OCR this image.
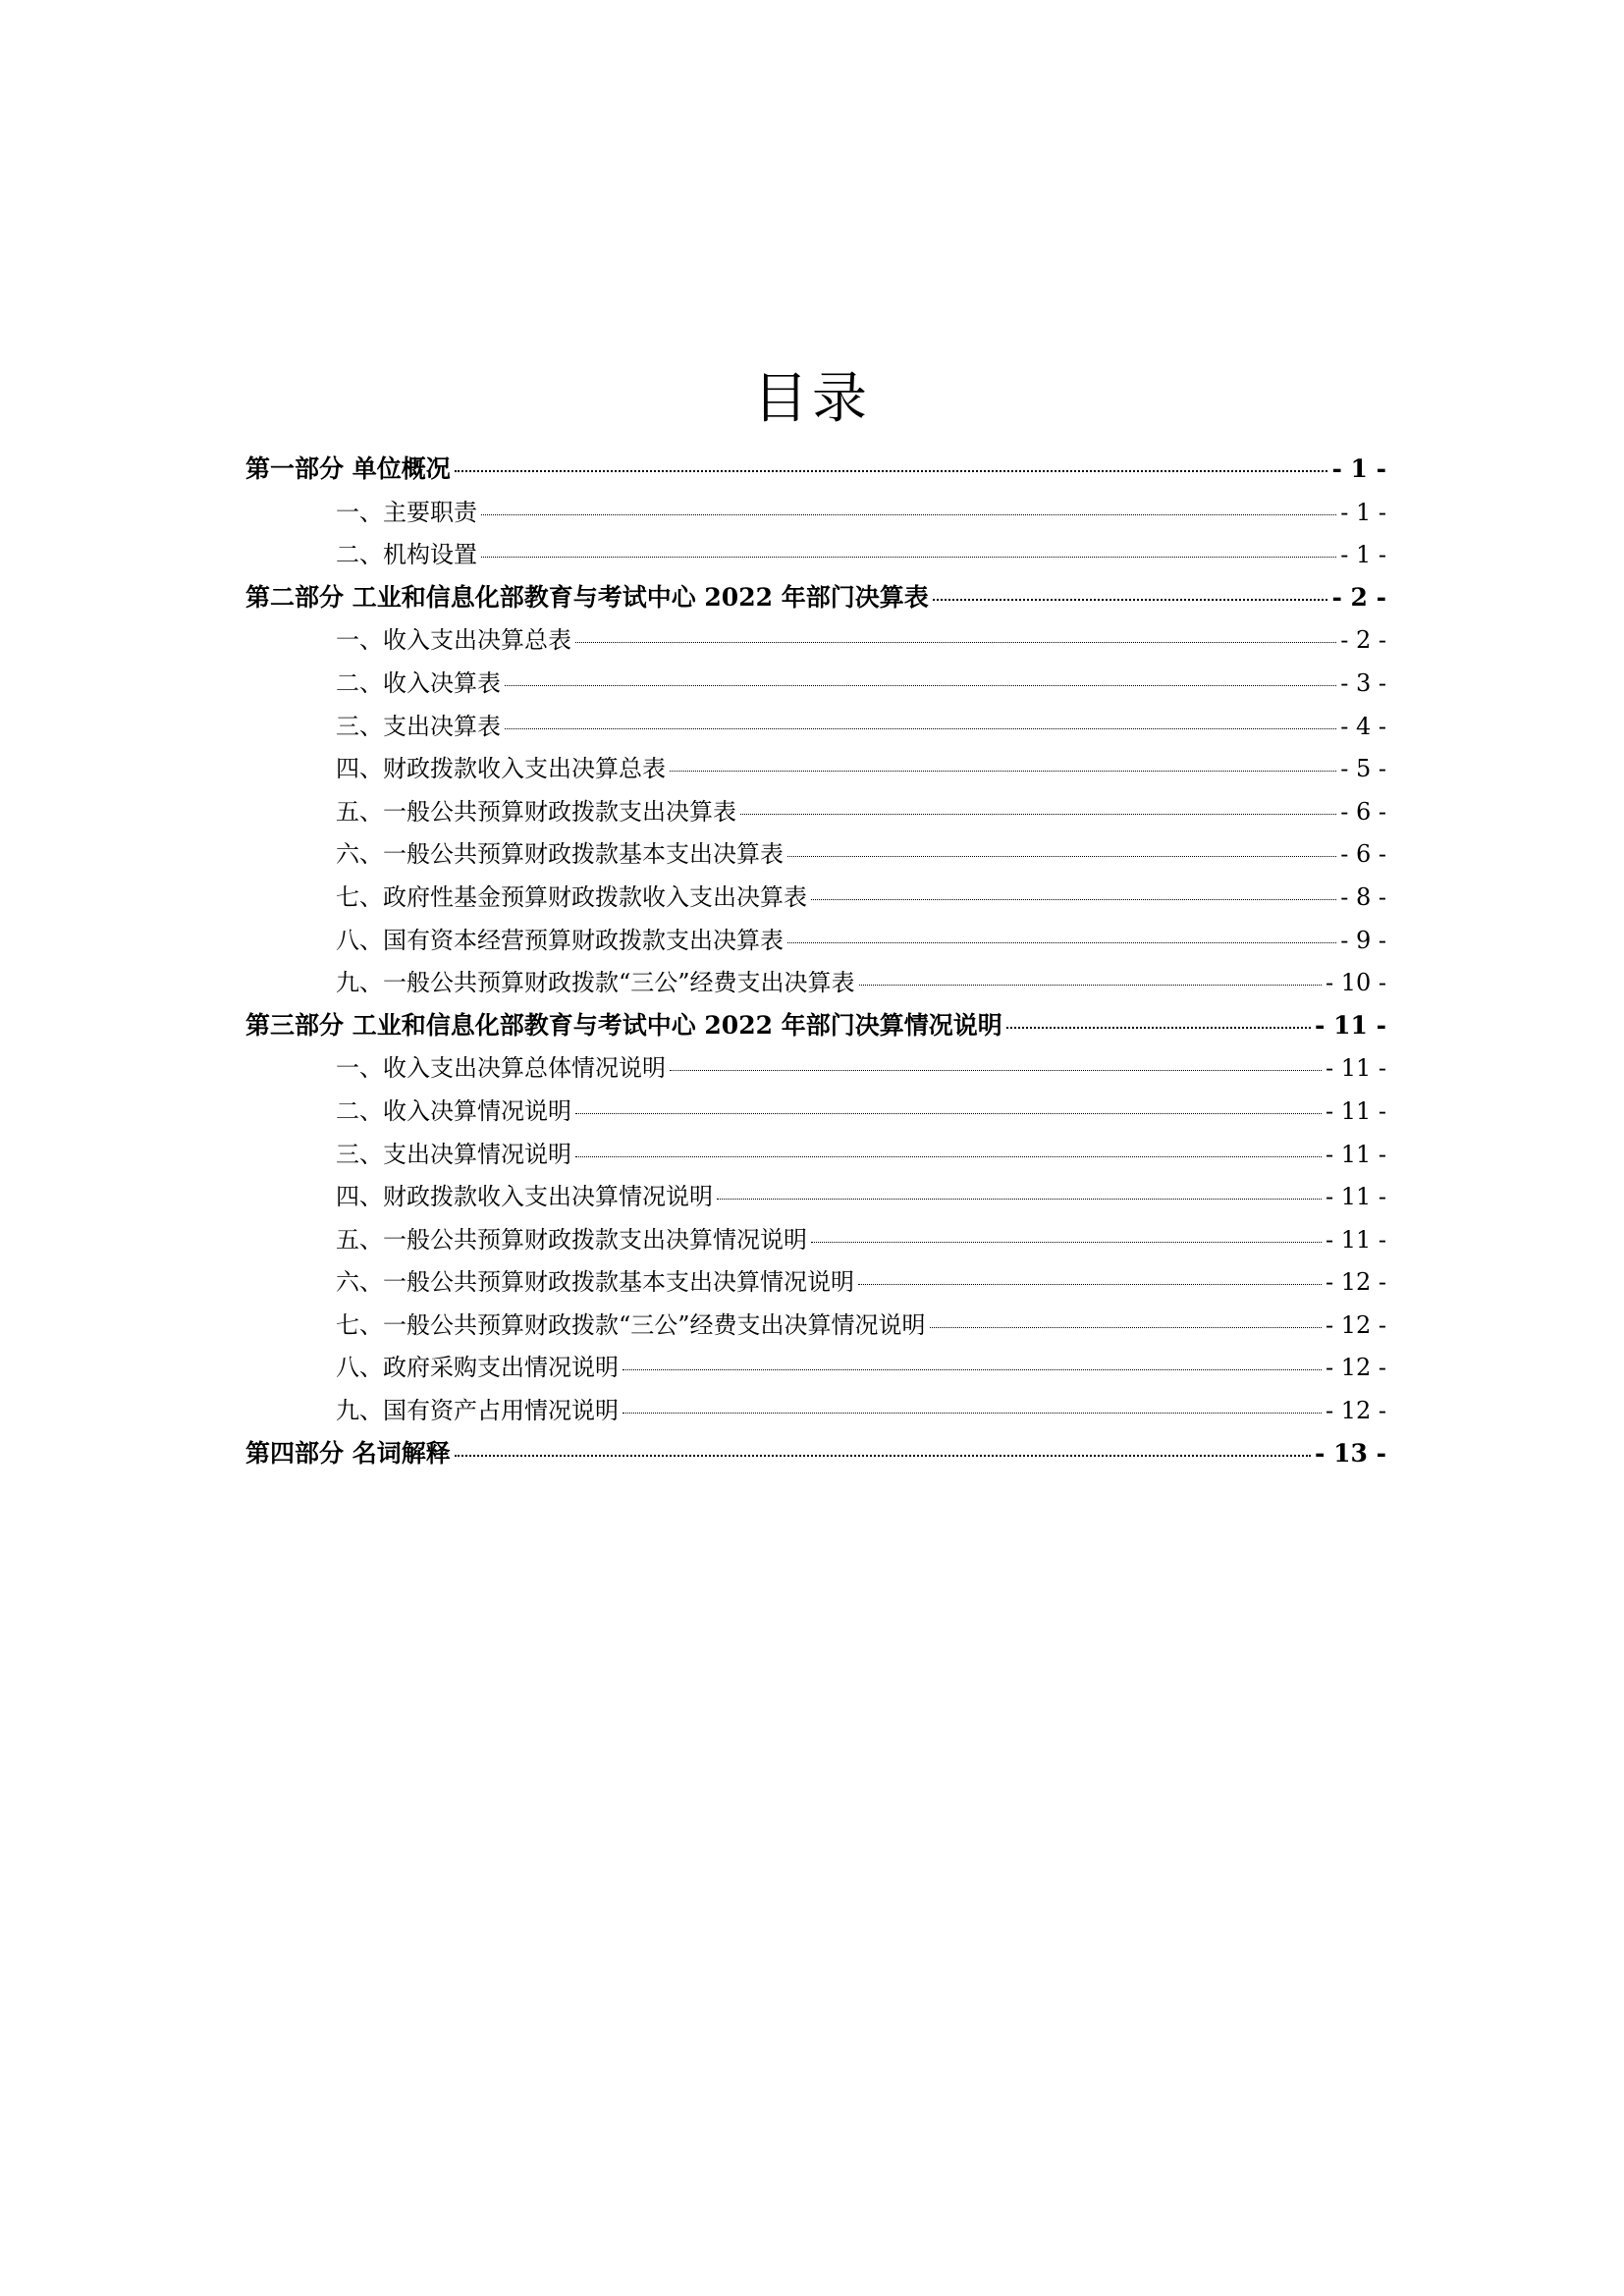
目录
第一部分 单位概况	- 1 -
一、主要职责	- 1 -
二、机构设置	- 1 -
第二部分 工业和信息化部教育与考试中心 2022 年部门决算表	- 2 -
一、收入支出决算总表	- 2 -
二、收入决算表	- 3 -
三、支出决算表	- 4 -
四、财政拨款收入支出决算总表	- 5 -
五、一般公共预算财政拨款支出决算表	- 6 -
六、一般公共预算财政拨款基本支出决算表	- 6 -
七、政府性基金预算财政拨款收入支出决算表	- 8 -
八、国有资本经营预算财政拨款支出决算表	- 9 -
九、一般公共预算财政拨款“三公”经费支出决算表	- 10 -
第三部分 工业和信息化部教育与考试中心 2022 年部门决算情况说明	- 11 -
一、收入支出决算总体情况说明	- 11 -
二、收入决算情况说明	- 11 -
三、支出决算情况说明	- 11 -
四、财政拨款收入支出决算情况说明	- 11 -
五、一般公共预算财政拨款支出决算情况说明	- 11 -
六、一般公共预算财政拨款基本支出决算情况说明	- 12 -
七、一般公共预算财政拨款“三公”经费支出决算情况说明	- 12 -
八、政府采购支出情况说明	- 12 -
九、国有资产占用情况说明	- 12 -
第四部分 名词解释	- 13 -
